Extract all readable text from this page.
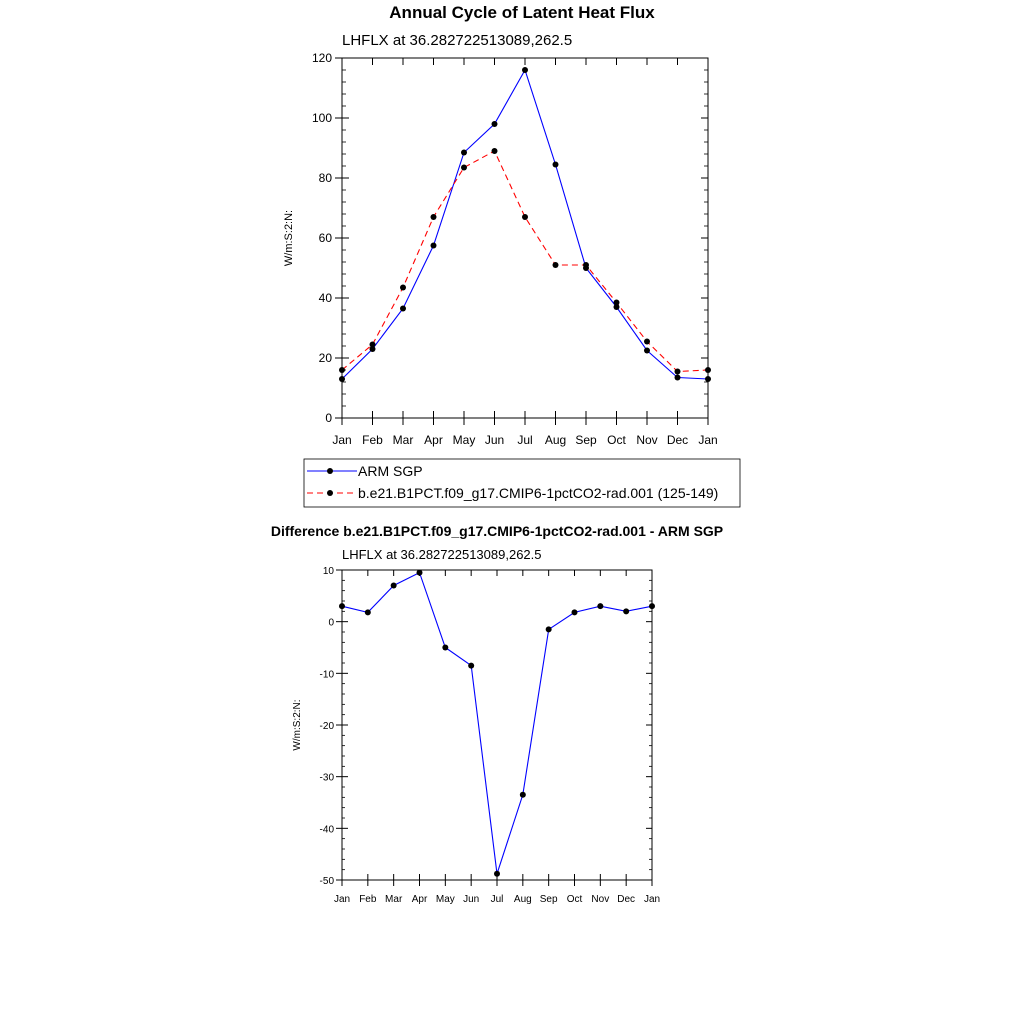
Annual Cycle of Latent Heat Flux
LHFLX at 36.282722513089,262.5
0
20
40
60
80
100
120
Jan Feb Mar Apr May Jun Jul Aug Sep Oct Nov Dec Jan
W/m:S:2:N:
ARM SGP
b.e21.B1PCT.f09_g17.CMIP6-1pctCO2-rad.001 (125-149)
Difference b.e21.B1PCT.f09_g17.CMIP6-1pctCO2-rad.001 - ARM SGP
LHFLX at 36.282722513089,262.5
-50
-40
-30
-20
-10
0
10
Jan Feb Mar Apr May Jun Jul Aug Sep Oct Nov Dec Jan
W/m:S:2:N:
